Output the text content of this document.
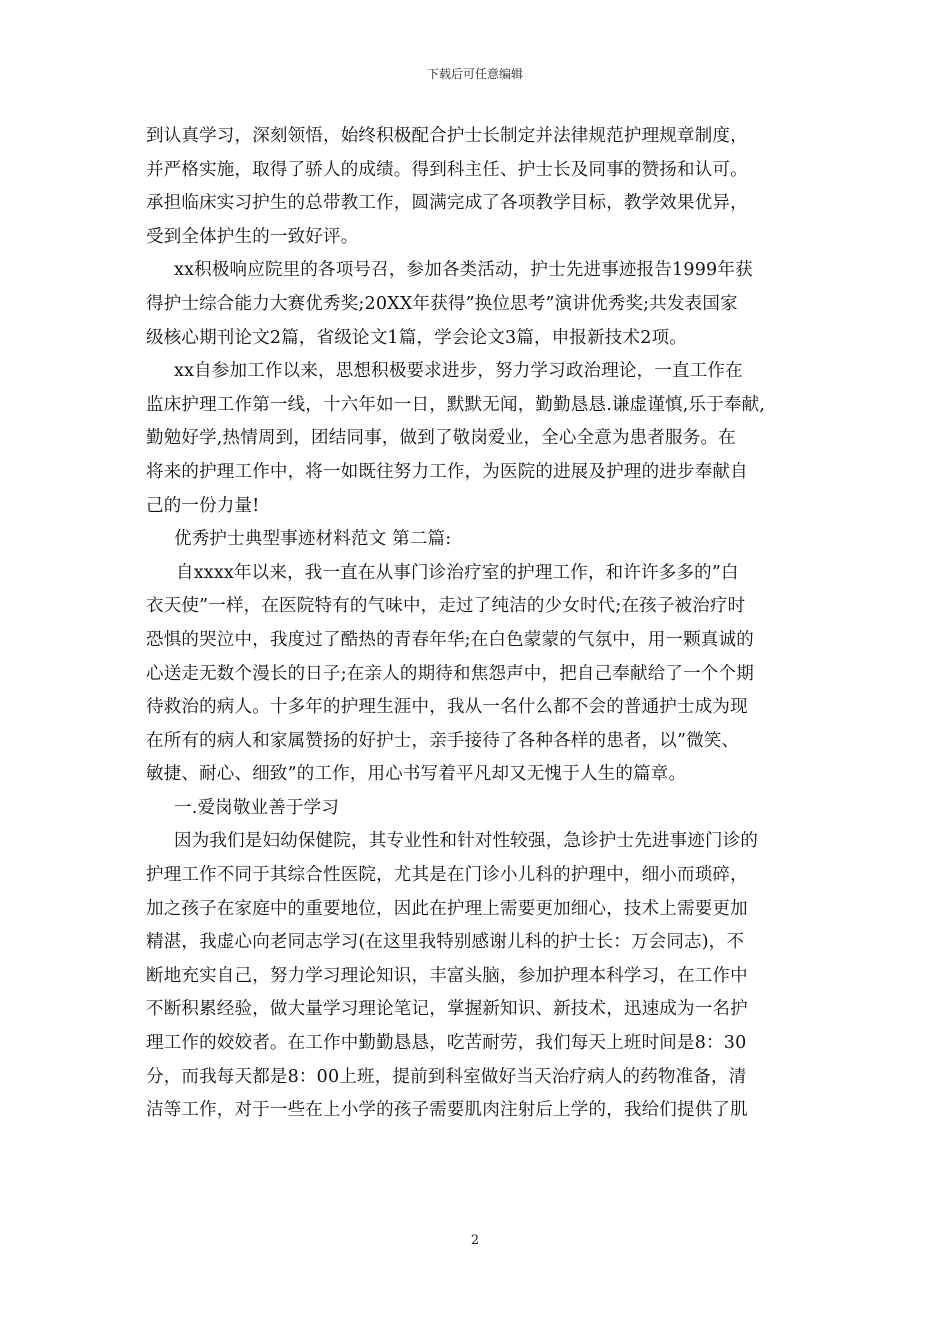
下载后可任意编辑
到认真学习，深刻领悟，始终积极配合护士长制定并法律规范护理规章制度，
并严格实施，取得了骄人的成绩。得到科主任、护士长及同事的赞扬和认可。
承担临床实习护生的总带教工作，圆满完成了各项教学目标，教学效果优异，
受到全体护生的一致好评。
xx积极响应院里的各项号召，参加各类活动，护士先进事迹报告1999年获
得护士综合能力大赛优秀奖;20XX年获得”换位思考”演讲优秀奖;共发表国家
级核心期刊论文2篇，省级论文1篇，学会论文3篇，申报新技术2项。
xx自参加工作以来，思想积极要求进步，努力学习政治理论，一直工作在
监床护理工作第一线，十六年如一日，默默无闻，勤勤恳恳.谦虚谨慎,乐于奉献,
勤勉好学,热情周到，团结同事，做到了敬岗爱业，全心全意为患者服务。在
将来的护理工作中，将一如既往努力工作，为医院的进展及护理的进步奉献自
己的一份力量!
优秀护士典型事迹材料范文 第二篇:
自xxxx年以来，我一直在从事门诊治疗室的护理工作，和许许多多的”白
衣天使”一样，在医院特有的气味中，走过了纯洁的少女时代;在孩子被治疗时
恐惧的哭泣中，我度过了酷热的青春年华;在白色蒙蒙的气氛中，用一颗真诚的
心送走无数个漫长的日子;在亲人的期待和焦怨声中，把自己奉献给了一个个期
待救治的病人。十多年的护理生涯中，我从一名什么都不会的普通护士成为现
在所有的病人和家属赞扬的好护士，亲手接待了各种各样的患者，以”微笑、
敏捷、耐心、细致”的工作，用心书写着平凡却又无愧于人生的篇章。
一.爱岗敬业善于学习
因为我们是妇幼保健院，其专业性和针对性较强，急诊护士先进事迹门诊的
护理工作不同于其综合性医院，尤其是在门诊小儿科的护理中，细小而琐碎，
加之孩子在家庭中的重要地位，因此在护理上需要更加细心，技术上需要更加
精湛，我虚心向老同志学习(在这里我特别感谢儿科的护士长：万会同志)，不
断地充实自己，努力学习理论知识，丰富头脑，参加护理本科学习，在工作中
不断积累经验，做大量学习理论笔记，掌握新知识、新技术，迅速成为一名护
理工作的姣姣者。在工作中勤勤恳恳，吃苦耐劳，我们每天上班时间是8：30
分，而我每天都是8：00上班，提前到科室做好当天治疗病人的药物准备，清
洁等工作，对于一些在上小学的孩子需要肌肉注射后上学的，我给们提供了肌
2
